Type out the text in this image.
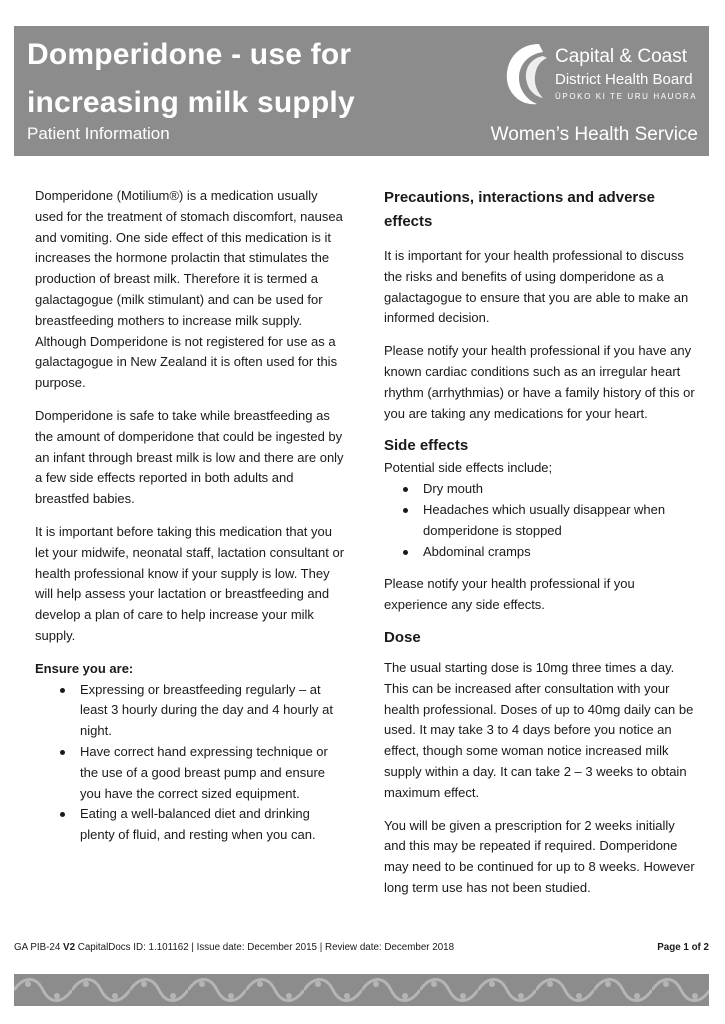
Domperidone - use for
increasing milk supply
Patient Information	Women’s Health Service
Capital & Coast
District Health Board
ŪPOKO KI TE URU HAUORA

Domperidone (Motilium®) is a medication usually used for the treatment of stomach discomfort, nausea and vomiting. One side effect of this medication is it increases the hormone prolactin that stimulates the production of breast milk. Therefore it is termed a galactagogue (milk stimulant) and can be used for breastfeeding mothers to increase milk supply. Although Domperidone is not registered for use as a galactagogue in New Zealand it is often used for this purpose.

Domperidone is safe to take while breastfeeding as the amount of domperidone that could be ingested by an infant through breast milk is low and there are only a few side effects reported in both adults and breastfed babies.

It is important before taking this medication that you let your midwife, neonatal staff, lactation consultant or health professional know if your supply is low. They will help assess your lactation or breastfeeding and develop a plan of care to help increase your milk supply.

Ensure you are:
Expressing or breastfeeding regularly – at least 3 hourly during the day and 4 hourly at night.
Have correct hand expressing technique or the use of a good breast pump and ensure you have the correct sized equipment.
Eating a well-balanced diet and drinking plenty of fluid, and resting when you can.
Precautions, interactions and adverse effects

It is important for your health professional to discuss the risks and benefits of using domperidone as a galactagogue to ensure that you are able to make an informed decision.

Please notify your health professional if you have any known cardiac conditions such as an irregular heart rhythm (arrhythmias) or have a family history of this or you are taking any medications for your heart.

Side effects

Potential side effects include;

Dry mouth
Headaches which usually disappear when domperidone is stopped
Abdominal cramps

Please notify your health professional if you experience any side effects.

Dose

The usual starting dose is 10mg three times a day. This can be increased after consultation with your health professional. Doses of up to 40mg daily can be used. It may take 3 to 4 days before you notice an effect, though some woman notice increased milk supply within a day. It can take 2 – 3 weeks to obtain maximum effect.

You will be given a prescription for 2 weeks initially and this may be repeated if required. Domperidone may need to be continued for up to 8 weeks. However long term use has not been studied.

GA PIB-24 V2 CapitalDocs ID: 1.101162 | Issue date: December 2015 | Review date: December 2018	Page 1 of 2
